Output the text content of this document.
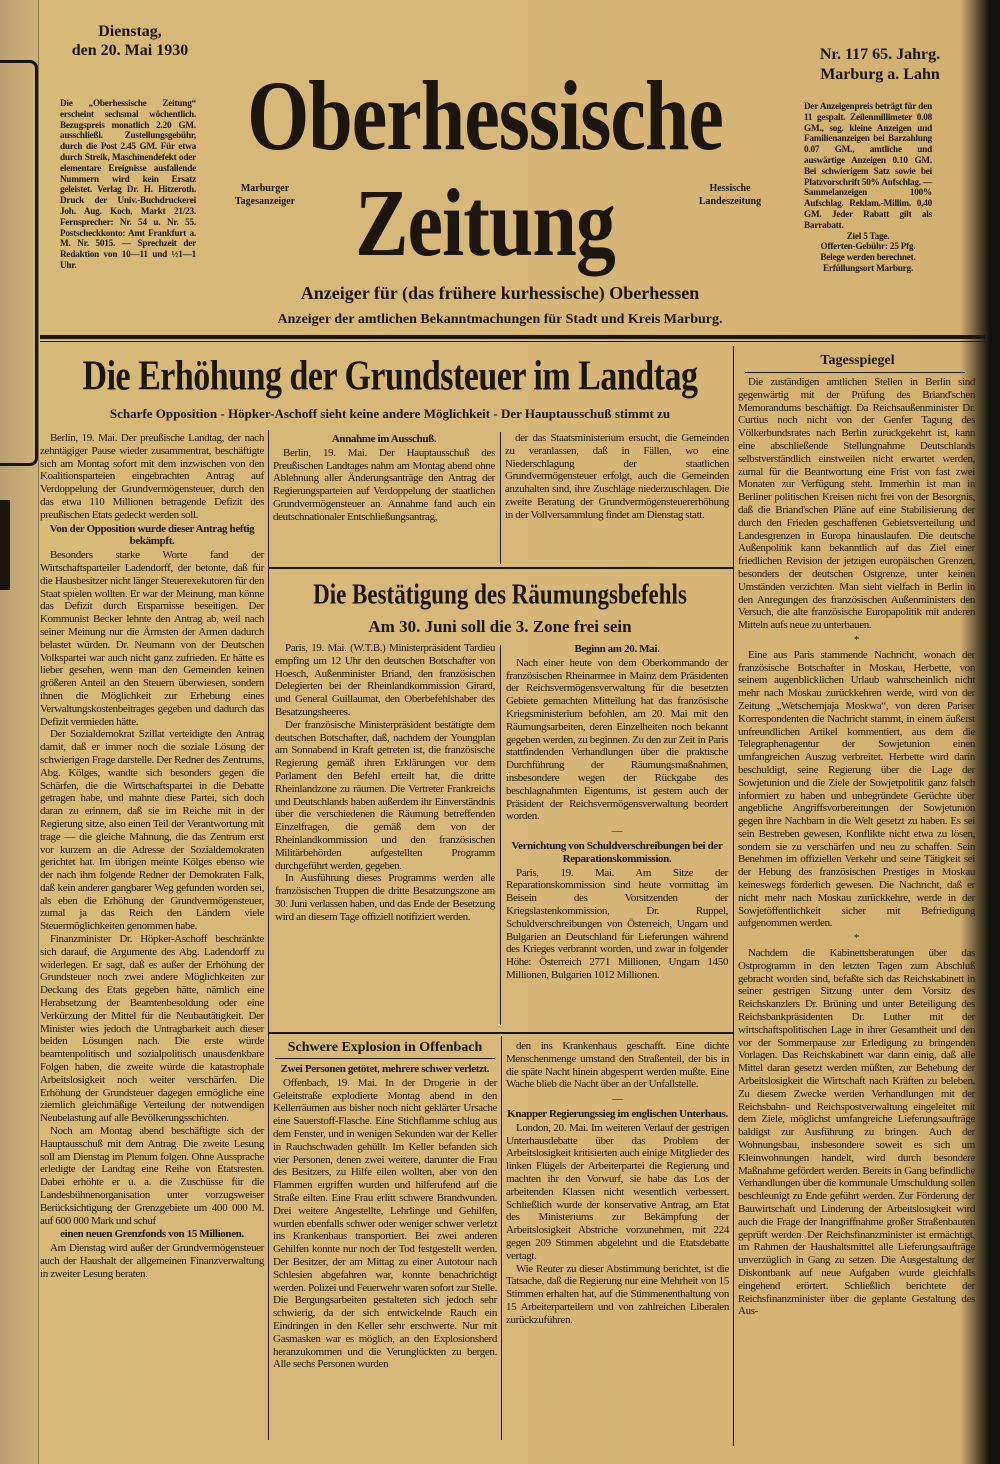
Dienstag,
den 20. Mai 1930
Die „Oberhessische Zeitung“ erscheint sechsmal wöchentlich. Bezugspreis monatlich 2.20 GM. ausschließl. Zustellungsgebühr, durch die Post 2.45 GM. Für etwa durch Streik, Maschinendefekt oder elementare Ereignisse ausfallende Nummern wird kein Ersatz geleistet. Verlag Dr. H. Hitzeroth. Druck der Univ.-Buchdruckerei Joh. Aug. Koch, Markt 21/23. Fernsprecher: Nr. 54 u. Nr. 55. Postscheckkonto: Amt Frankfurt a. M. Nr. 5015. — Sprechzeit der Redaktion von 10—11 und ½1—1 Uhr.
Oberhessische
Zeitung
Marburger Tagesanzeiger
Hessische Landeszeitung
Nr. 117 65. Jahrg.
Marburg a. Lahn
Der Anzeigenpreis beträgt für den 11 gespalt. Zeilenmillimeter 0.08 GM., sog. kleine Anzeigen und Familienanzeigen bei Barzahlung 0.07 GM., amtliche und auswärtige Anzeigen 0.10 GM. Bei schwierigem Satz sowie bei Platzvorschrift 50% Aufschlag. — Sammelanzeigen 100% Aufschlag. Reklam.-Millim. 0,40 GM. Jeder Rabatt gilt als Barrabatt.
Ziel 5 Tage.
Offerten-Gebühr: 25 Pfg.
Belege werden berechnet.
Erfüllungsort Marburg.
Anzeiger für (das frühere kurhessische) Oberhessen
Anzeiger der amtlichen Bekanntmachungen für Stadt und Kreis Marburg.
Die Erhöhung der Grundsteuer im Landtag
Scharfe Opposition - Höpker-Aschoff sieht keine andere Möglichkeit - Der Hauptausschuß stimmt zu

Berlin, 19. Mai. Der preußische Landtag, der nach zehntägiger Pause wieder zusammentrat, beschäftigte sich am Montag sofort mit dem inzwischen von den Koalitionsparteien eingebrachten Antrag auf Verdoppelung der Grundvermögensteuer, durch den das etwa 110 Millionen betragende Defizit des preußischen Etats gedeckt werden soll.

Von der Opposition wurde dieser Antrag heftig bekämpft.

Besonders starke Worte fand der Wirtschaftsparteiler Ladendorff, der betonte, daß für die Hausbesitzer nicht länger Steuerexekutoren für den Staat spielen wollten. Er war der Meinung, man könne das Defizit durch Ersparnisse beseitigen. Der Kommunist Becker lehnte den Antrag ab, weil nach seiner Meinung nur die Ärmsten der Armen dadurch belastet würden. Dr. Neumann von der Deutschen Volkspartei war auch nicht ganz zufrieden. Er hätte es lieber gesehen, wenn man den Gemeinden keinen größeren Anteil an den Steuern überwiesen, sondern ihnen die Möglichkeit zur Erhebung eines Verwaltungskostenbeitrages gegeben und dadurch das Defizit vermieden hätte.

Der Sozialdemokrat Szillat verteidigte den Antrag damit, daß er immer noch die soziale Lösung der schwierigen Frage darstelle. Der Redner des Zentrums, Abg. Kölges, wandte sich besonders gegen die Schärfen, die die Wirtschaftspartei in die Debatte getragen habe, und mahnte diese Partei, sich doch daran zu erinnern, daß sie im Reiche mit in der Regierung sitze, also einen Teil der Verantwortung mit trage — die gleiche Mahnung, die das Zentrum erst vor kurzem an die Adresse der Sozialdemokraten gerichtet hat. Im übrigen meinte Kölges ebenso wie der nach ihm folgende Redner der Demokraten Falk, daß kein anderer gangbarer Weg gefunden worden sei, als eben die Erhöhung der Grundvermögensteuer, zumal ja das Reich den Ländern viele Steuermöglichkeiten genommen habe.

Finanzminister Dr. Höpker-Aschoff beschränkte sich darauf, die Argumente des Abg. Ladendorff zu widerlegen. Er sagt, daß es außer der Erhöhung der Grundsteuer noch zwei andere Möglichkeiten zur Deckung des Etats gegeben hätte, nämlich eine Herabsetzung der Beamtenbesoldung oder eine Verkürzung der Mittel für die Neubautätigkeit. Der Minister wies jedoch die Untragbarkeit auch dieser beiden Lösungen nach. Die erste würde beamtenpolitisch und sozialpolitisch unausdenkbare Folgen haben, die zweite würde die katastrophale Arbeitslosigkeit noch weiter verschärfen. Die Erhöhung der Grundsteuer dagegen ermögliche eine ziemlich gleichmäßige Verteilung der notwendigen Neubelastung auf alle Bevölkerungsschichten.

Noch am Montag abend beschäftigte sich der Hauptausschuß mit dem Antrag. Die zweite Lesung soll am Dienstag im Plenum folgen. Ohne Aussprache erledigte der Landtag eine Reihe von Etatsresten. Dabei erhöhte er u. a. die Zuschüsse für die Landesbühnenorganisation unter vorzugsweiser Berücksichtigung der Grenzgebiete um 400 000 M. auf 600 000 Mark und schuf

einen neuen Grenzfonds von 15 Millionen.

Am Dienstag wird außer der Grundvermögensteuer auch der Haushalt der allgemeinen Finanzverwaltung in zweiter Lesung beraten.

Annahme im Ausschuß.

Berlin, 19. Mai. Der Hauptausschuß des Preußischen Landtages nahm am Montag abend ohne Ablehnung aller Änderungsanträge den Antrag der Regierungsparteien auf Verdoppelung der staatlichen Grundvermögensteuer an. Annahme fand auch ein deutschnationaler Entschließungsantrag,

der das Staatsministerium ersucht, die Gemeinden zu veranlassen, daß in Fällen, wo eine Niederschlagung der staatlichen Grundvermögensteuer erfolgt, auch die Gemeinden anzuhalten sind, ihre Zuschläge niederzuschlagen. Die zweite Beratung der Grundvermögensteuererhöhung in der Vollversammlung findet am Dienstag statt.

Die Bestätigung des Räumungsbefehls
Am 30. Juni soll die 3. Zone frei sein

Paris, 19. Mai. (W.T.B.) Ministerpräsident Tardieu empfing um 12 Uhr den deutschen Botschafter von Hoesch, Außenminister Briand, den französischen Delegierten bei der Rheinlandkommission Girard, und General Guillaumat, den Oberbefehlshaber des Besatzungsheeres.

Der französische Ministerpräsident bestätigte dem deutschen Botschafter, daß, nachdem der Youngplan am Sonnabend in Kraft getreten ist, die französische Regierung gemäß ihren Erklärungen vor dem Parlament den Befehl erteilt hat, die dritte Rheinlandzone zu räumen. Die Vertreter Frankreichs und Deutschlands haben außerdem ihr Einverständnis über die verschiedenen die Räumung betreffenden Einzelfragen, die gemäß dem von der Rheinlandkommission und den französischen Militärbehörden aufgestellten Programm durchgeführt werden, gegeben.

In Ausführung dieses Programms werden alle französischen Truppen die dritte Besatzungszone am 30. Juni verlassen haben, und das Ende der Besetzung wird an diesem Tage offiziell notifiziert werden.

Beginn am 20. Mai.

Nach einer heute von dem Oberkommando der französischen Rheinarmee in Mainz dem Präsidenten der Reichsvermögensverwaltung für die besetzten Gebiete gemachten Mitteilung hat das französische Kriegsministerium befohlen, am 20. Mai mit den Räumungsarbeiten, deren Einzelheiten noch bekannt gegeben werden, zu beginnen. Zu den zur Zeit in Paris stattfindenden Verhandlungen über die praktische Durchführung der Räumungsmaßnahmen, insbesondere wegen der Rückgabe des beschlagnahmten Eigentums, ist gestern auch der Präsident der Reichsvermögensverwaltung beordert worden.

—

Vernichtung von Schuldverschreibungen bei der Reparationskommission.

Paris, 19. Mai. Am Sitze der Reparationskommission sind heute vormittag im Beisein des Vorsitzenden der Kriegslastenkommission, Dr. Ruppel, Schuldverschreibungen von Österreich, Ungarn und Bulgarien an Deutschland für Lieferungen während des Krieges verbrannt worden, und zwar in folgender Höhe: Österreich 2771 Millionen, Ungarn 1450 Millionen, Bulgarien 1012 Millionen.

Schwere Explosion in Offenbach

Zwei Personen getötet, mehrere schwer verletzt.

Offenbach, 19. Mai. In der Drogerie in der Geleitstraße explodierte Montag abend in den Kellerräumen aus bisher noch nicht geklärter Ursache eine Sauerstoff-Flasche. Eine Stichflamme schlug aus dem Fenster, und in wenigen Sekunden war der Keller in Rauchschwaden gehüllt. Im Keller befanden sich vier Personen, denen zwei weitere, darunter die Frau des Besitzers, zu Hilfe eilen wollten, aber von den Flammen ergriffen wurden und hilferufend auf die Straße eilten. Eine Frau erlitt schwere Brandwunden. Drei weitere Angestellte, Lehrlinge und Gehilfen, wurden ebenfalls schwer oder weniger schwer verletzt ins Krankenhaus transportiert. Bei zwei anderen Gehilfen konnte nur noch der Tod festgestellt werden. Der Besitzer, der am Mittag zu einer Autotour nach Schlesien abgefahren war, konnte benachrichtigt werden. Polizei und Feuerwehr waren sofort zur Stelle. Die Bergungsarbeiten gestalteten sich jedoch sehr schwierig, da der sich entwickelnde Rauch ein Eindringen in den Keller sehr erschwerte. Nur mit Gasmasken war es möglich, an den Explosionsherd heranzukommen und die Verunglückten zu bergen. Alle sechs Personen wurden

den ins Krankenhaus geschafft. Eine dichte Menschenmenge umstand den Straßenteil, der bis in die späte Nacht hinein abgesperrt werden mußte. Eine Wache blieb die Nacht über an der Unfallstelle.

—

Knapper Regierungssieg im englischen Unterhaus.

London, 20. Mai. Im weiteren Verlauf der gestrigen Unterhausdebatte über das Problem der Arbeitslosigkeit kritisierten auch einige Mitglieder des linken Flügels der Arbeiterpartei die Regierung und machten ihr den Vorwurf, sie habe das Los der arbeitenden Klassen nicht wesentlich verbessert. Schließlich wurde der konservative Antrag, am Etat des Ministeriums zur Bekämpfung der Arbeitslosigkeit Abstriche vorzunehmen, mit 224 gegen 209 Stimmen abgelehnt und die Etatsdebatte vertagt.

Wie Reuter zu dieser Abstimmung berichtet, ist die Tatsache, daß die Regierung nur eine Mehrheit von 15 Stimmen erhalten hat, auf die Stimmenenthaltung von 15 Arbeiterparteilern und von zahlreichen Liberalen zurückzuführen.

Tagesspiegel

Die zuständigen amtlichen Stellen in Berlin sind gegenwärtig mit der Prüfung des Briand'schen Memorandums beschäftigt. Da Reichsaußenminister Dr. Curtius noch nicht von der Genfer Tagung des Völkerbundsrates nach Berlin zurückgekehrt ist, kann eine abschließende Stellungnahme Deutschlands selbstverständlich einstweilen nicht erwartet werden, zumal für die Beantwortung eine Frist von fast zwei Monaten zur Verfügung steht. Immerhin ist man in Berliner politischen Kreisen nicht frei von der Besorgnis, daß die Briand'schen Pläne auf eine Stabilisierung der durch den Frieden geschaffenen Gebietsverteilung und Landesgrenzen in Europa hinauslaufen. Die deutsche Außenpolitik kann bekanntlich auf das Ziel einer friedlichen Revision der jetzigen europäischen Grenzen, besonders der deutschen Ostgrenze, unter keinen Umständen verzichten. Man sieht vielfach in Berlin in den Anregungen des französischen Außenministers den Versuch, die alte französische Europapolitik mit anderen Mitteln aufs neue zu unterbauen.

*

Eine aus Paris stammende Nachricht, wonach der französische Botschafter in Moskau, Herbette, von seinem augenblicklichen Urlaub wahrscheinlich nicht mehr nach Moskau zurückkehren werde, wird von der Zeitung „Wetschernjaja Moskwa“, von deren Pariser Korrespondenten die Nachricht stammt, in einem äußerst unfreundlichen Artikel kommentiert, aus dem die Telegraphenagentur der Sowjetunion einen umfangreichen Auszug verbreitet. Herbette wird darin beschuldigt, seine Regierung über die Lage der Sowjetunion und die Ziele der Sowjetpolitik ganz falsch informiert zu haben und unbegründete Gerüchte über angebliche Angriffsvorbereitungen der Sowjetunion gegen ihre Nachbarn in die Welt gesetzt zu haben. Es sei sein Bestreben gewesen, Konflikte nicht etwa zu lösen, sondern sie zu verschärfen und neu zu schaffen. Sein Benehmen im offiziellen Verkehr und seine Tätigkeit sei der Hebung des französischen Prestiges in Moskau keineswegs förderlich gewesen. Die Nachricht, daß er nicht mehr nach Moskau zurückkehre, werde in der Sowjetöffentlichkeit sicher mit Befriedigung aufgenommen werden.

*

Nachdem die Kabinettsberatungen über das Ostprogramm in den letzten Tagen zum Abschluß gebracht worden sind, befaßte sich das Reichskabinett in seiner gestrigen Sitzung unter dem Vorsitz des Reichskanzlers Dr. Brüning und unter Beteiligung des Reichsbankpräsidenten Dr. Luther mit der wirtschaftspolitischen Lage in ihrer Gesamtheit und den vor der Sommerpause zur Erledigung zu bringenden Vorlagen. Das Reichskabinett war darin einig, daß alle Mittel daran gesetzt werden müßten, zur Behebung der Arbeitslosigkeit die Wirtschaft nach Kräften zu beleben. Zu diesem Zwecke werden Verhandlungen mit der Reichsbahn- und Reichspostverwaltung eingeleitet mit dem Ziele, möglichst umfangreiche Lieferungsaufträge baldigst zur Ausführung zu bringen. Auch der Wohnungsbau, insbesondere soweit es sich um Kleinwohnungen handelt, wird durch besondere Maßnahme gefördert werden. Bereits in Gang befindliche Verhandlungen über die kommunale Umschuldung sollen beschleunigt zu Ende geführt werden. Zur Förderung der Bauwirtschaft und Linderung der Arbeitslosigkeit wird auch die Frage der Inangriffnahme großer Straßenbauten geprüft werden. Der Reichsfinanzminister ist ermächtigt, im Rahmen der Haushaltsmittel alle Lieferungsaufträge unverzüglich in Gang zu setzen. Die Ausgestaltung der Diskontbank auf neue Aufgaben wurde gleichfalls eingehend erörtert. Schließlich berichtete der Reichsfinanzminister über die geplante Gestaltung des Aus-
